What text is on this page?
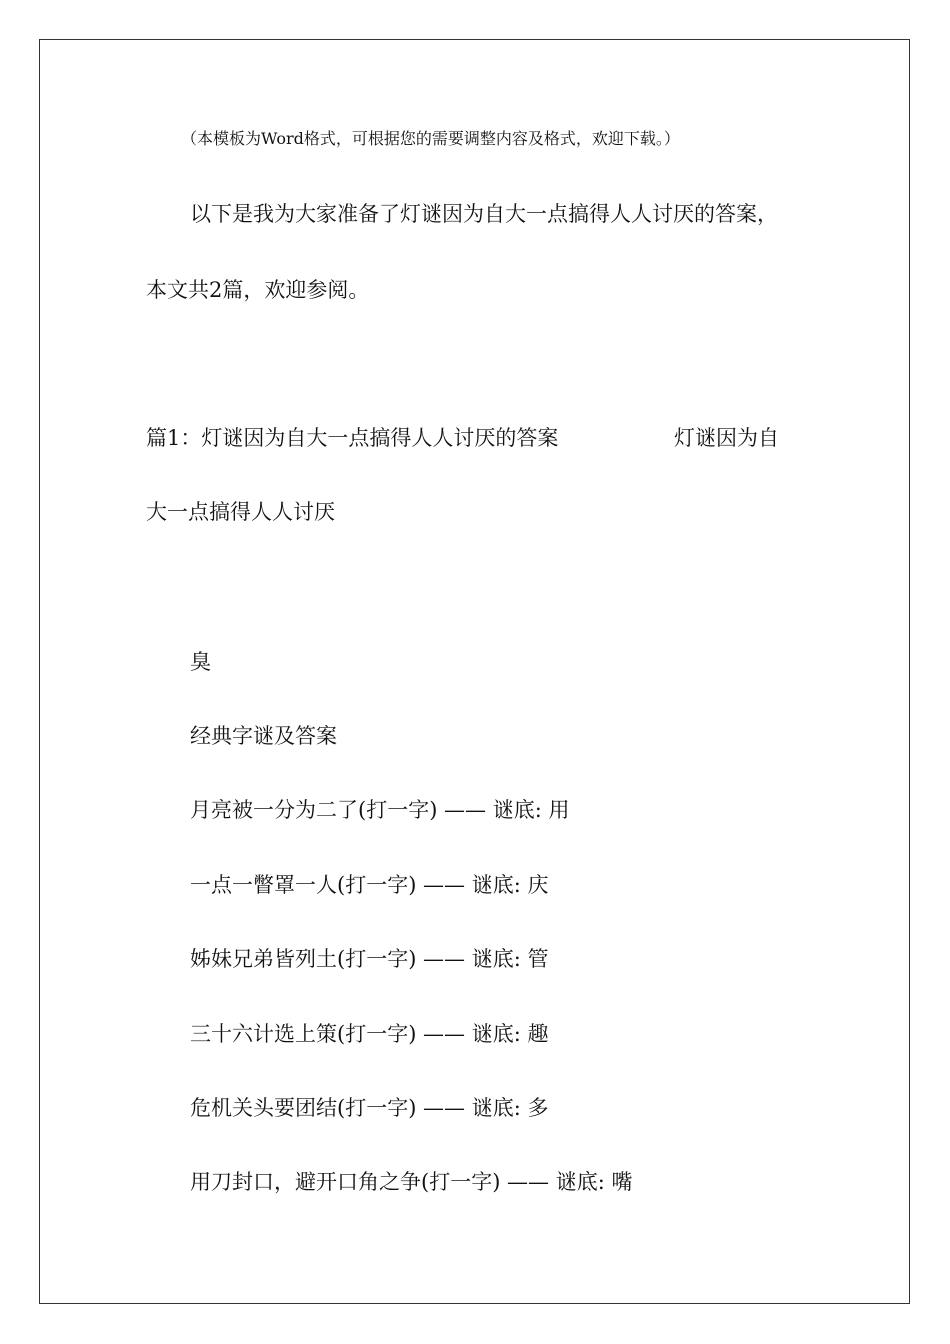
（本模板为Word格式，可根据您的需要调整内容及格式，欢迎下载。）
以下是我为大家准备了灯谜因为自大一点搞得人人讨厌的答案，
本文共2篇，欢迎参阅。
篇1：灯谜因为自大一点搞得人人讨厌的答案	灯谜因为自
大一点搞得人人讨厌
臭
经典字谜及答案
月亮被一分为二了(打一字) —— 谜底: 用
一点一瞥罩一人(打一字) —— 谜底: 庆
姊妹兄弟皆列土(打一字) —— 谜底: 管
三十六计选上策(打一字) —— 谜底: 趣
危机关头要团结(打一字) —— 谜底: 多
用刀封口，避开口角之争(打一字) —— 谜底: 嘴
